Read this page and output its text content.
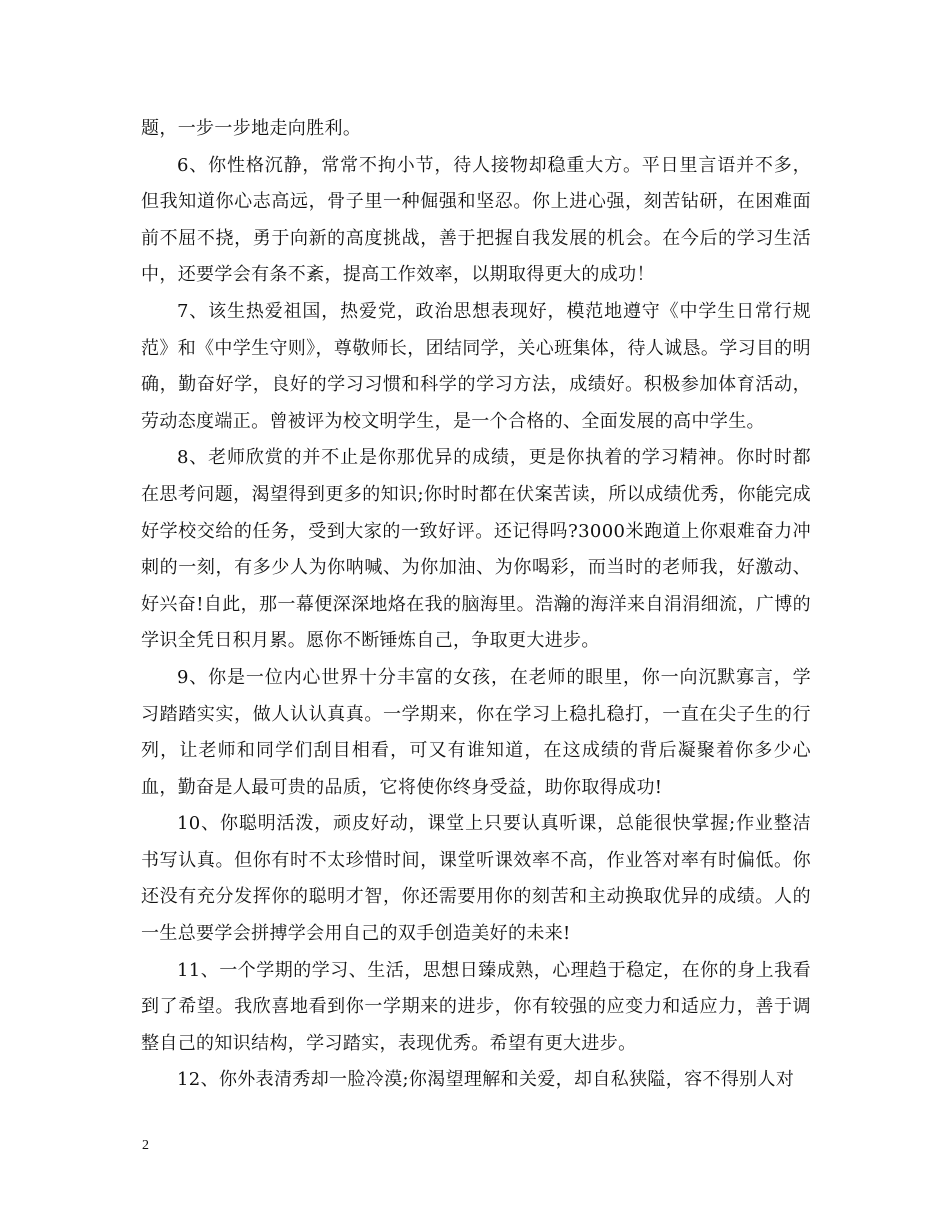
题，一步一步地走向胜利。

6、你性格沉静，常常不拘小节，待人接物却稳重大方。平日里言语并不多，但我知道你心志高远，骨子里一种倔强和坚忍。你上进心强，刻苦钻研，在困难面前不屈不挠，勇于向新的高度挑战，善于把握自我发展的机会。在今后的学习生活中，还要学会有条不紊，提高工作效率，以期取得更大的成功！

7、该生热爱祖国，热爱党，政治思想表现好，模范地遵守《中学生日常行规范》和《中学生守则》，尊敬师长，团结同学，关心班集体，待人诚恳。学习目的明确，勤奋好学，良好的学习习惯和科学的学习方法，成绩好。积极参加体育活动，劳动态度端正。曾被评为校文明学生，是一个合格的、全面发展的高中学生。

8、老师欣赏的并不止是你那优异的成绩，更是你执着的学习精神。你时时都在思考问题，渴望得到更多的知识;你时时都在伏案苦读，所以成绩优秀，你能完成好学校交给的任务，受到大家的一致好评。还记得吗?3000米跑道上你艰难奋力冲刺的一刻，有多少人为你呐喊、为你加油、为你喝彩，而当时的老师我，好激动、好兴奋!自此，那一幕便深深地烙在我的脑海里。浩瀚的海洋来自涓涓细流，广博的学识全凭日积月累。愿你不断锤炼自己，争取更大进步。

9、你是一位内心世界十分丰富的女孩，在老师的眼里，你一向沉默寡言，学习踏踏实实，做人认认真真。一学期来，你在学习上稳扎稳打，一直在尖子生的行列，让老师和同学们刮目相看，可又有谁知道，在这成绩的背后凝聚着你多少心血，勤奋是人最可贵的品质，它将使你终身受益，助你取得成功!

10、你聪明活泼，顽皮好动，课堂上只要认真听课，总能很快掌握;作业整洁书写认真。但你有时不太珍惜时间，课堂听课效率不高，作业答对率有时偏低。你还没有充分发挥你的聪明才智，你还需要用你的刻苦和主动换取优异的成绩。人的一生总要学会拼搏学会用自己的双手创造美好的未来!

11、一个学期的学习、生活，思想日臻成熟，心理趋于稳定，在你的身上我看到了希望。我欣喜地看到你一学期来的进步，你有较强的应变力和适应力，善于调整自己的知识结构，学习踏实，表现优秀。希望有更大进步。

12、你外表清秀却一脸冷漠;你渴望理解和关爱，却自私狭隘，容不得别人对

2
